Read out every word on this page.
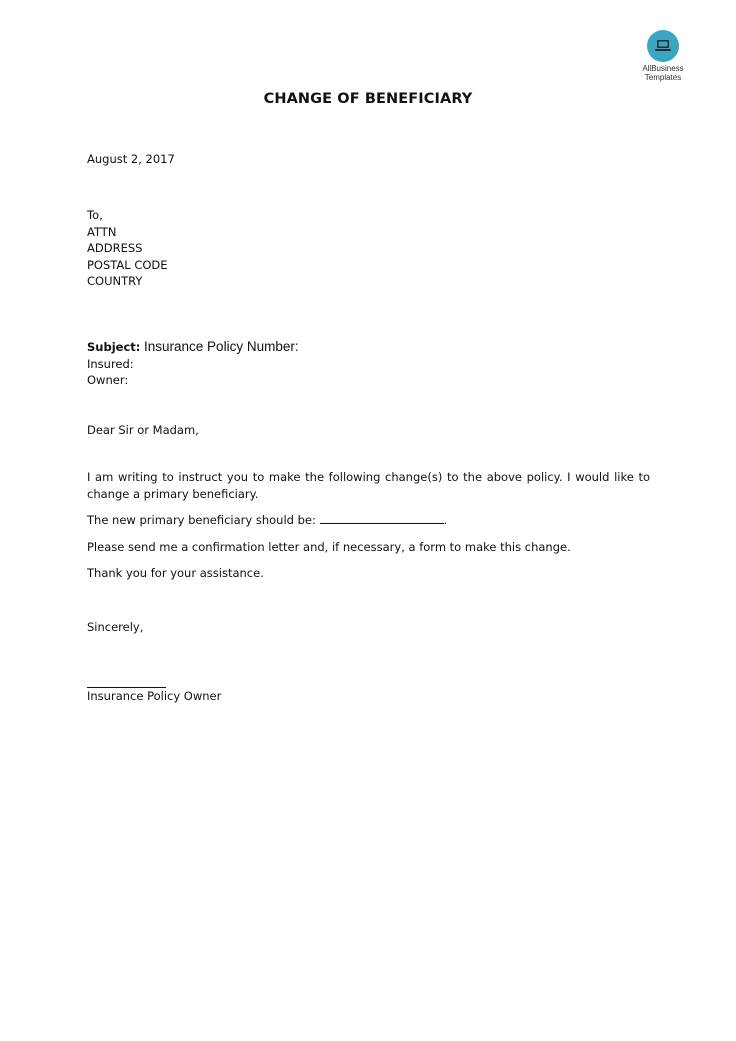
AllBusiness
Templates
CHANGE OF BENEFICIARY
August 2, 2017
To,
ATTN
ADDRESS
POSTAL CODE
COUNTRY
Subject: Insurance Policy Number:
Insured:
Owner:
Dear Sir or Madam,
I am writing to instruct you to make the following change(s) to the above policy. I would like to change a primary beneficiary.
The new primary beneficiary should be:	.
Please send me a confirmation letter and, if necessary, a form to make this change.
Thank you for your assistance.
Sincerely,
Insurance Policy Owner
